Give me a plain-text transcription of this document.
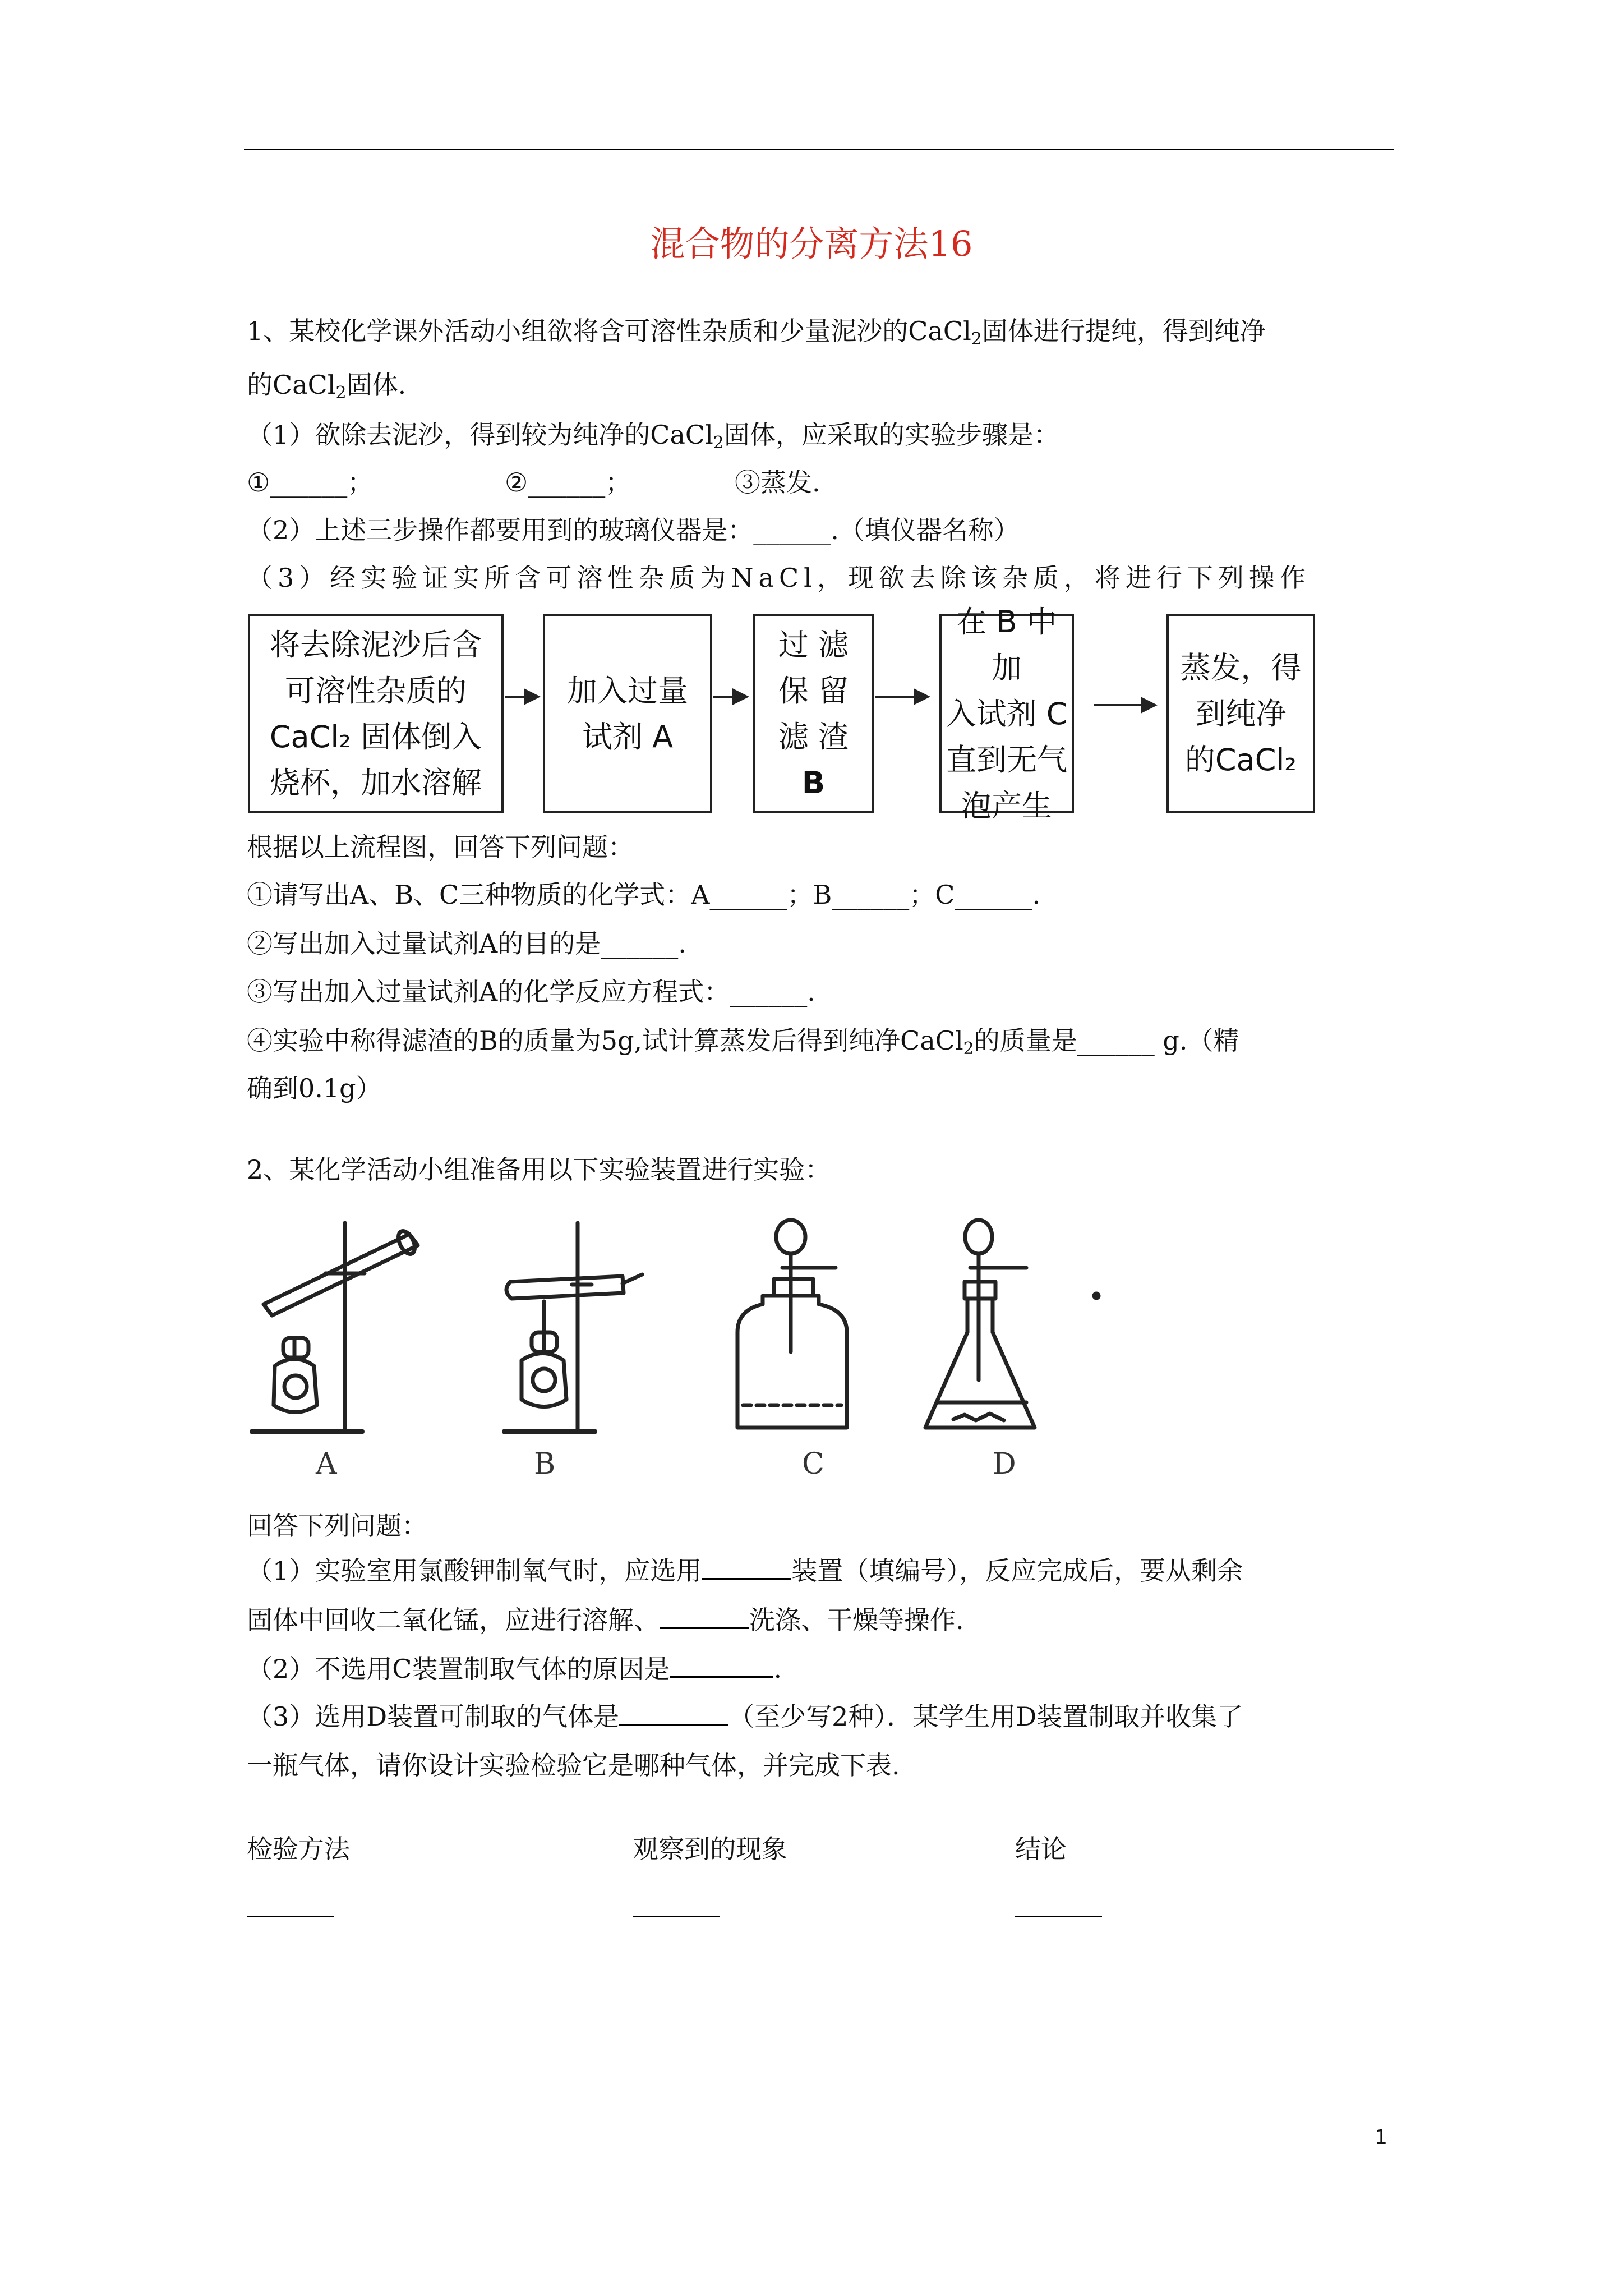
混合物的分离方法16
1、某校化学课外活动小组欲将含可溶性杂质和少量泥沙的CaCl$_2$固体进行提纯，得到纯净
的CaCl$_2$固体.
（1）欲除去泥沙，得到较为纯净的CaCl$_2$固体，应采取的实验步骤是：
①______；	②______；	③蒸发.
（2）上述三步操作都要用到的玻璃仪器是：______.（填仪器名称）
（3）经实验证实所含可溶性杂质为NaCl，现欲去除该杂质，将进行下列操作
将去除泥沙后含
可溶性杂质的
CaCl₂ 固体倒入
烧杯，加水溶解
加入过量
试剂 A
过 滤
保 留
滤 渣
B
在 B 中加
入试剂 C
直到无气
泡产生
蒸发，得
到纯净
的CaCl₂
根据以上流程图，回答下列问题：
①请写出A、B、C三种物质的化学式：A______；B______；C______.
②写出加入过量试剂A的目的是______.
③写出加入过量试剂A的化学反应方程式：______.
④实验中称得滤渣的B的质量为5g,试计算蒸发后得到纯净CaCl$_2$的质量是______ g.（精
确到0.1g）
2、某化学活动小组准备用以下实验装置进行实验：
A	B	C	D
回答下列问题：
（1）实验室用氯酸钾制氧气时，应选用	装置（填编号），反应完成后，要从剩余
固体中回收二氧化锰，应进行溶解、	洗涤、干燥等操作.
（2）不选用C装置制取气体的原因是	.
（3）选用D装置可制取的气体是	（至少写2种）．某学生用D装置制取并收集了
一瓶气体，请你设计实验检验它是哪种气体，并完成下表.
检验方法	观察到的现象	结论
1
